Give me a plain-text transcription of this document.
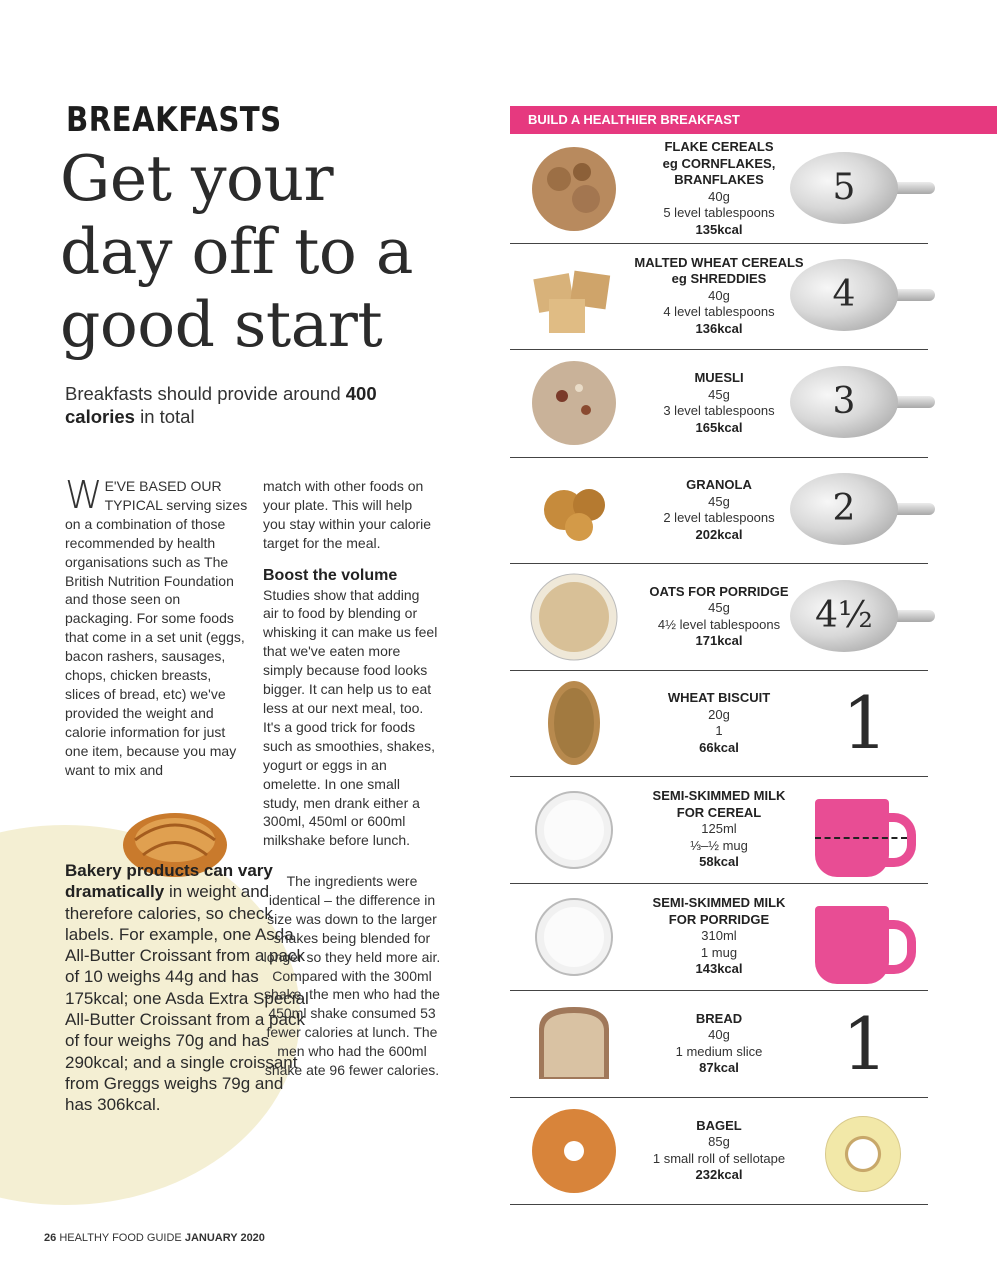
BREAKFASTS
Get your
day off to a
good start
Breakfasts should provide around 400 calories in total
W E'VE BASED OUR TYPICAL serving sizes on a combination of those recommended by health organisations such as The British Nutrition Foundation and those seen on packaging. For some foods that come in a set unit (eggs, bacon rashers, sausages, chops, chicken breasts, slices of bread, etc) we've provided the weight and calorie information for just one item, because you may want to mix and
match with other foods on your plate. This will help you stay within your calorie target for the meal.
Boost the volume
Studies show that adding air to food by blending or whisking it can make us feel that we've eaten more simply because food looks bigger. It can help us to eat less at our next meal, too. It's a good trick for foods such as smoothies, shakes, yogurt or eggs in an omelette. In one small study, men drank either a 300ml, 450ml or 600ml milkshake before lunch.
Bakery products can vary dramatically in weight and therefore calories, so check labels. For example, one Asda All-Butter Croissant from a pack of 10 weighs 44g and has 175kcal; one Asda Extra Special All-Butter Croissant from a pack of four weighs 70g and has 290kcal; and a single croissant from Greggs weighs 79g and has 306kcal.
The ingredients were identical – the difference in size was down to the larger shakes being blended for longer so they held more air. Compared with the 300ml shake, the men who had the 450ml shake consumed 53 fewer calories at lunch. The men who had the 600ml shake ate 96 fewer calories.
26 HEALTHY FOOD GUIDE JANUARY 2020
BUILD A HEALTHIER BREAKFAST
FLAKE CEREALS
eg CORNFLAKES,
BRANFLAKES
40g
5 level tablespoons
135kcal
5
MALTED WHEAT CEREALS
eg SHREDDIES
40g
4 level tablespoons
136kcal
4
MUESLI
45g
3 level tablespoons
165kcal
3
GRANOLA
45g
2 level tablespoons
202kcal
2
OATS FOR PORRIDGE
45g
4½ level tablespoons
171kcal
4½
WHEAT BISCUIT
20g
1
66kcal	1
SEMI-SKIMMED MILK
FOR CEREAL
125ml
⅓–½ mug
58kcal
SEMI-SKIMMED MILK
FOR PORRIDGE
310ml
1 mug
143kcal
BREAD
40g
1 medium slice
87kcal	1
BAGEL
85g
1 small roll of sellotape
232kcal
